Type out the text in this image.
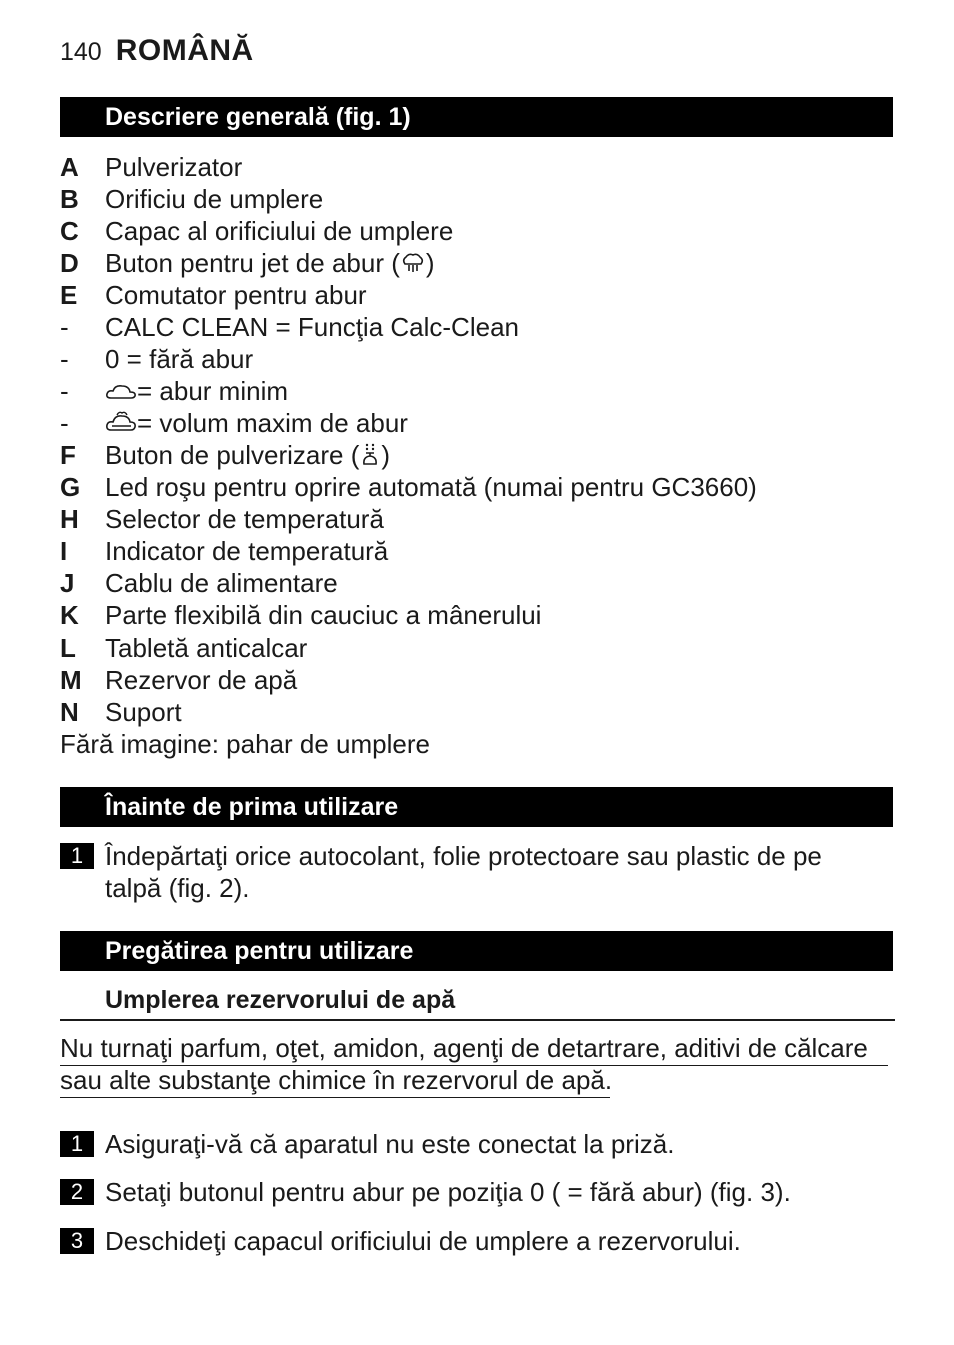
140 ROMÂNĂ
Descriere generală (fig. 1)
A Pulverizator
B Orificiu de umplere
C Capac al orificiului de umplere
D Buton pentru jet de abur ( )
E Comutator pentru abur
- CALC CLEAN = Funcţia Calc-Clean
- 0 = fără abur
-	= abur minim
-	= volum maxim de abur
F Buton de pulverizare ( )
G Led roşu pentru oprire automată (numai pentru GC3660)
H Selector de temperatură
I Indicator de temperatură
J Cablu de alimentare
K Parte flexibilă din cauciuc a mânerului
L Tabletă anticalcar
M Rezervor de apă
N Suport
Fără imagine: pahar de umplere
Înainte de prima utilizare
1 Îndepărtaţi orice autocolant, folie protectoare sau plastic de pe
talpă (fig. 2).
Pregătirea pentru utilizare
Umplerea rezervorului de apă
Nu turnaţi parfum, oţet, amidon, agenţi de detartrare, aditivi de călcare
sau alte substanţe chimice în rezervorul de apă.
1 Asiguraţi-vă că aparatul nu este conectat la priză.
2 Setaţi butonul pentru abur pe poziţia 0 ( = fără abur) (fig. 3).
3 Deschideţi capacul orificiului de umplere a rezervorului.
